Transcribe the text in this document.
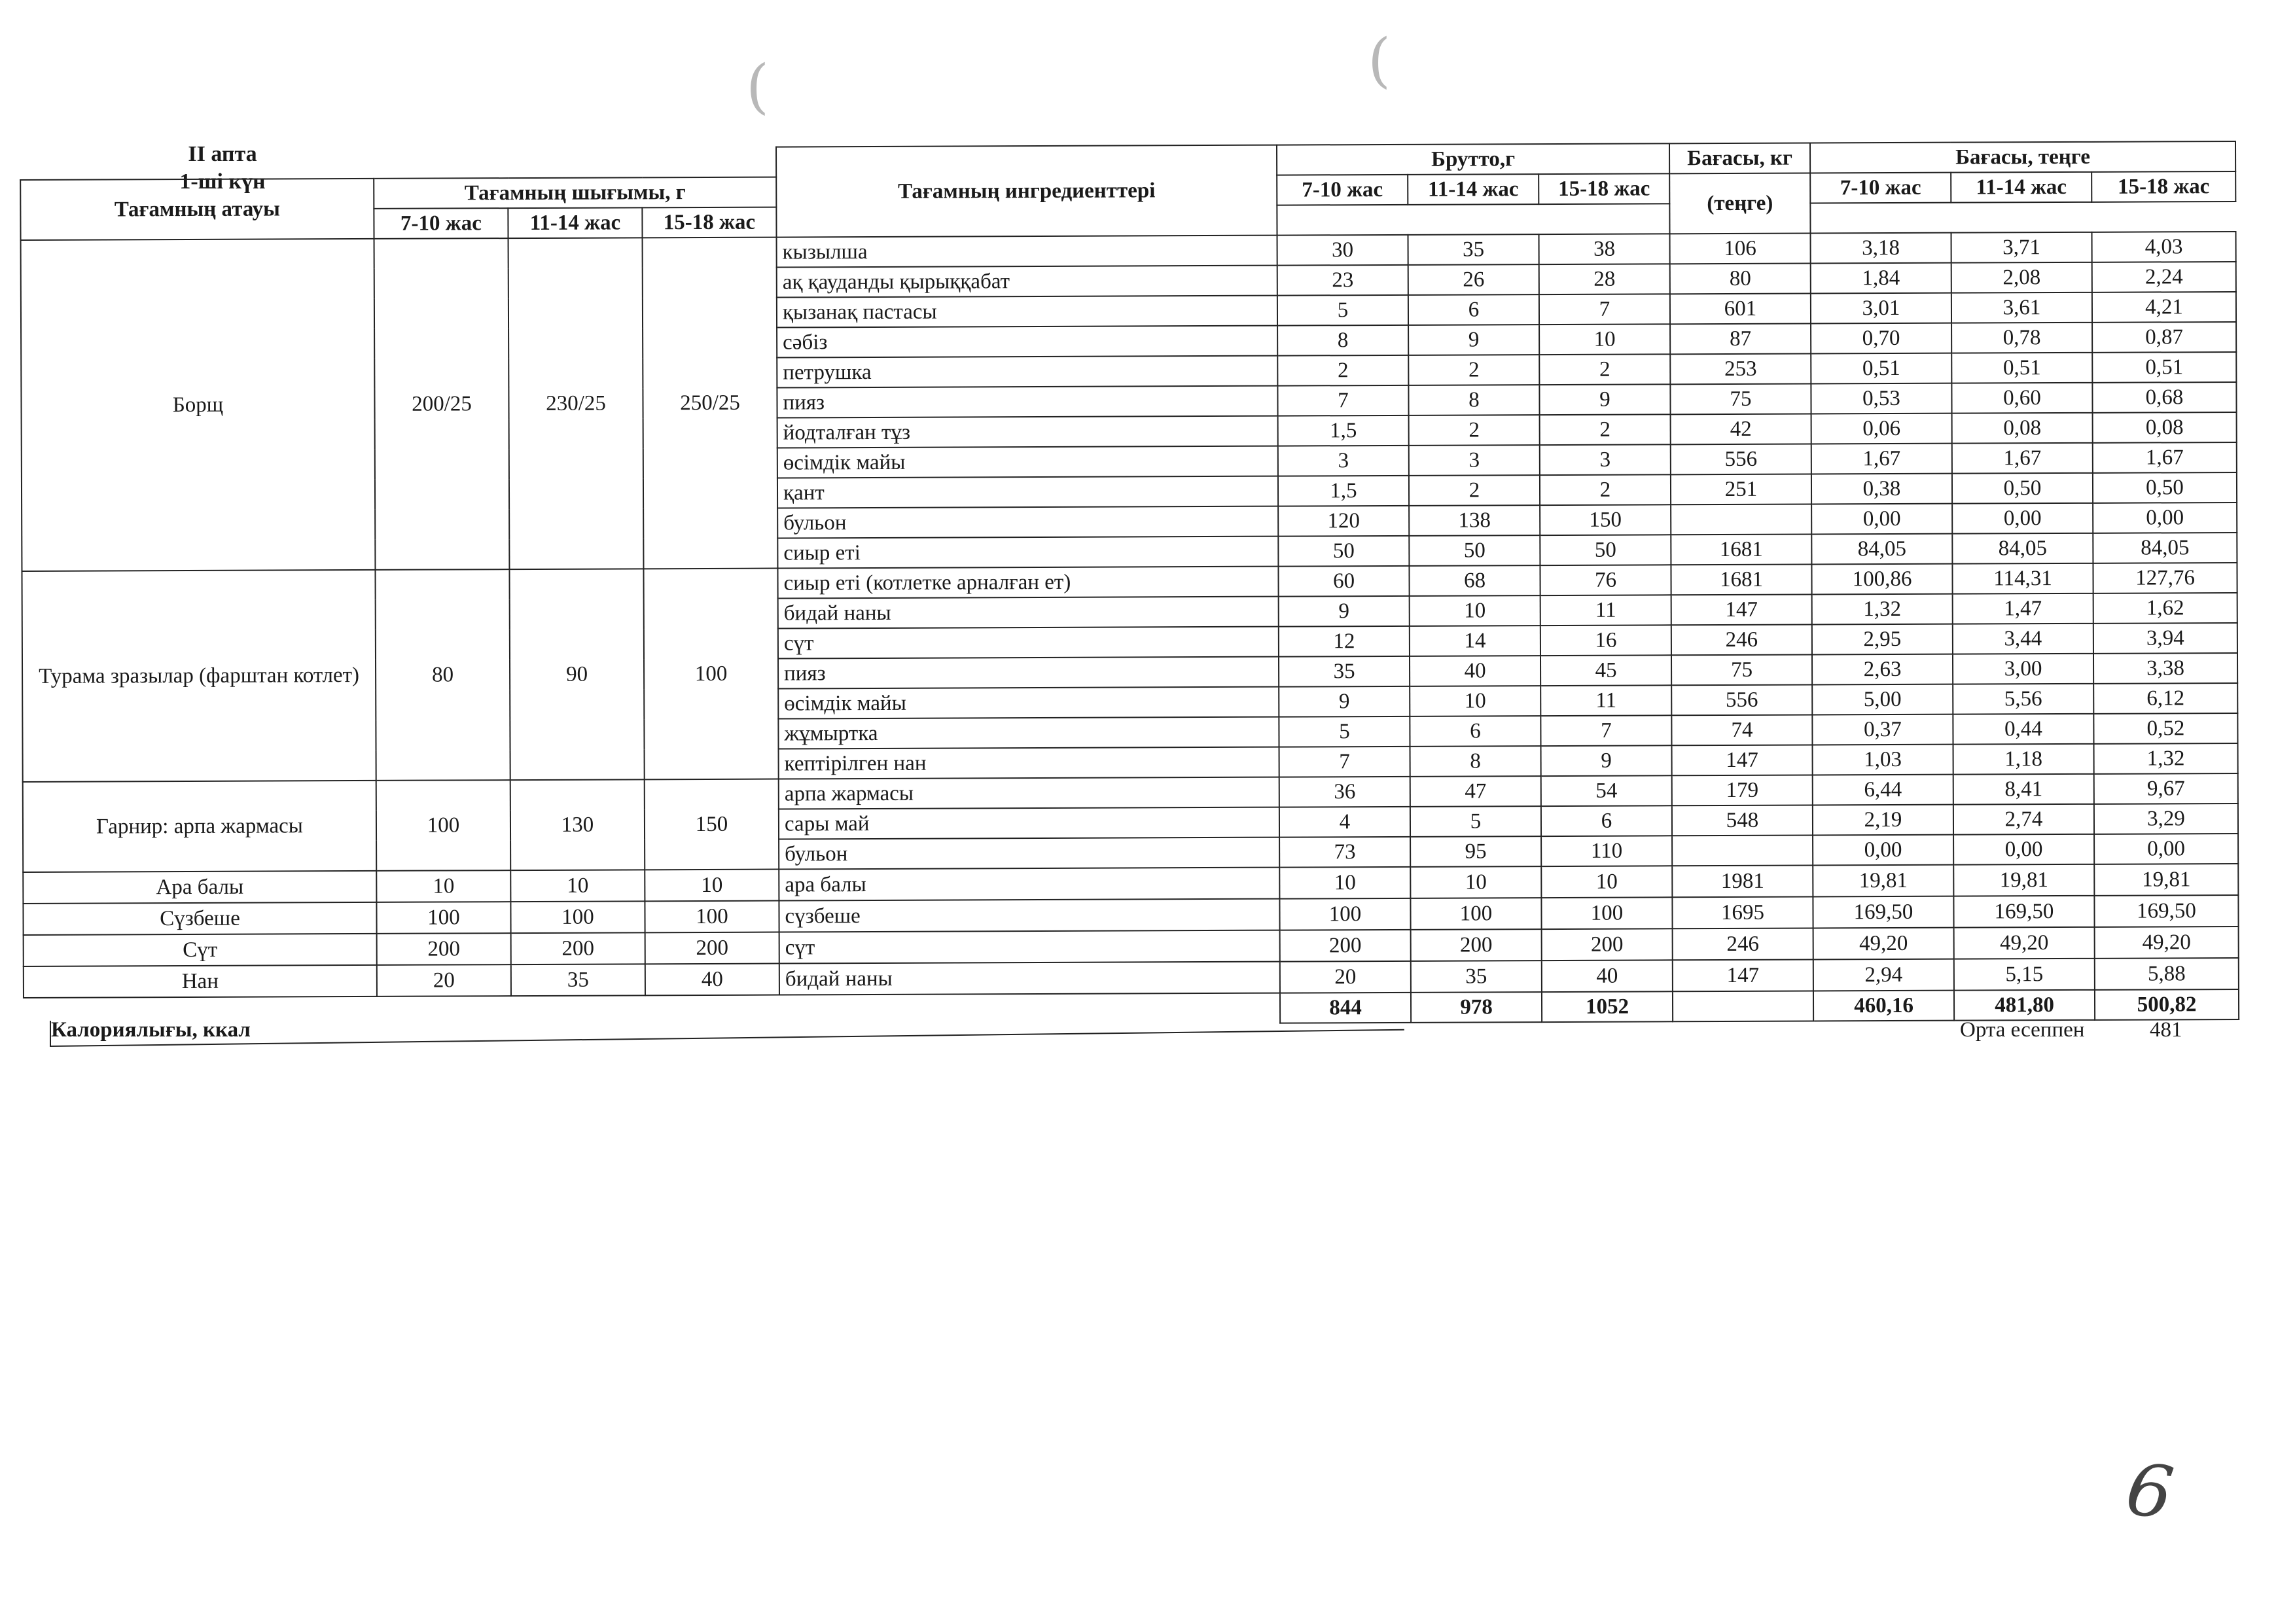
(	(
II апта
1-ші күн
				Тағамның ингредиенттері	Брутто,г			Бағасы, кг	Бағасы, теңге		
Тағамның атауы	Тағамның шығымы, г				7-10 жас	11-14 жас	15-18 жас	(теңге)	7-10 жас	11-14 жас	15-18 жас
	7-10 жас	11-14 жас	15-18 жас								
Борщ	200/25	230/25	250/25	кызылша	30	35	38	106	3,18	3,71	4,03
				ақ қауданды қырыққабат	23	26	28	80	1,84	2,08	2,24
				қызанақ пастасы	5	6	7	601	3,01	3,61	4,21
				сәбіз	8	9	10	87	0,70	0,78	0,87
				петрушка	2	2	2	253	0,51	0,51	0,51
				пияз	7	8	9	75	0,53	0,60	0,68
				йодталған тұз	1,5	2	2	42	0,06	0,08	0,08
				өсімдік майы	3	3	3	556	1,67	1,67	1,67
				қант	1,5	2	2	251	0,38	0,50	0,50
				бульон	120	138	150		0,00	0,00	0,00
				сиыр еті	50	50	50	1681	84,05	84,05	84,05
Турама зразылар (фарштан котлет)	80	90	100	сиыр еті (котлетке арналған ет)	60	68	76	1681	100,86	114,31	127,76
				бидай наны	9	10	11	147	1,32	1,47	1,62
				сүт	12	14	16	246	2,95	3,44	3,94
				пияз	35	40	45	75	2,63	3,00	3,38
				өсімдік майы	9	10	11	556	5,00	5,56	6,12
				жұмыртка	5	6	7	74	0,37	0,44	0,52
				кептірілген нан	7	8	9	147	1,03	1,18	1,32
Гарнир: арпа жармасы	100	130	150	арпа жармасы	36	47	54	179	6,44	8,41	9,67
				сары май	4	5	6	548	2,19	2,74	3,29
				бульон	73	95	110		0,00	0,00	0,00
Ара балы	10	10	10	ара балы	10	10	10	1981	19,81	19,81	19,81
Сүзбеше	100	100	100	сүзбеше	100	100	100	1695	169,50	169,50	169,50
Сүт	200	200	200	сүт	200	200	200	246	49,20	49,20	49,20
Нан	20	35	40	бидай наны	20	35	40	147	2,94	5,15	5,88
					844	978	1052		460,16	481,80	500,82
Калориялығы, ккал	Орта есеппен	481
6
